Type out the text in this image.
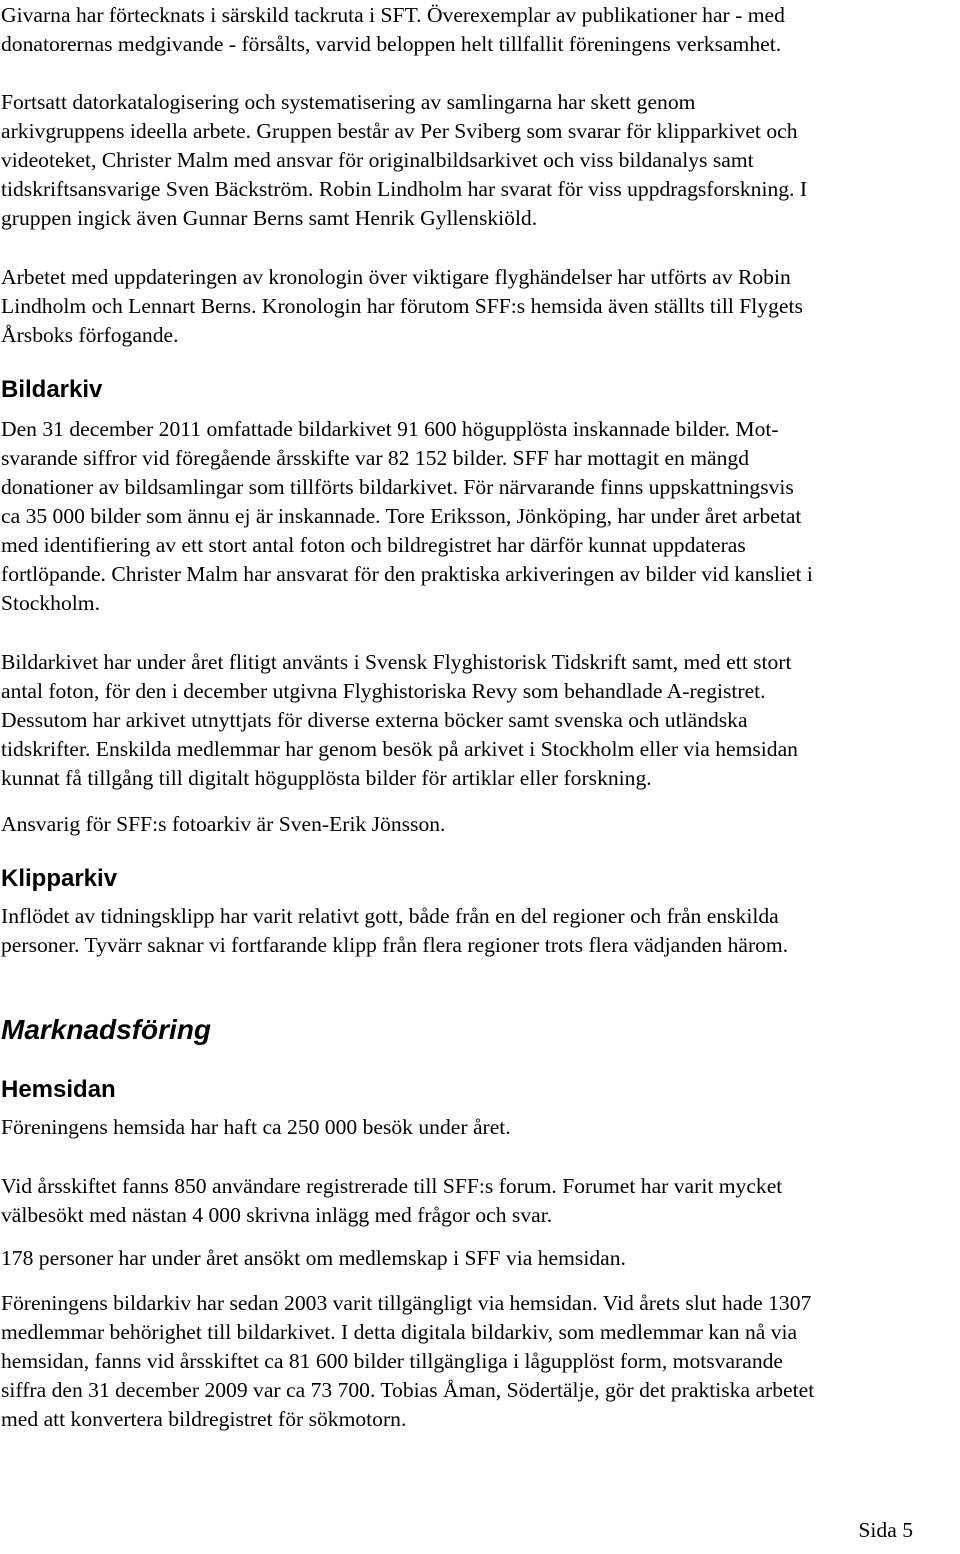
Givarna har förtecknats i särskild tackruta i SFT. Överexemplar av publikationer har - med
donatorernas medgivande - försålts, varvid beloppen helt tillfallit föreningens verksamhet.

Fortsatt datorkatalogisering och systematisering av samlingarna har skett genom
arkivgruppens ideella arbete. Gruppen består av Per Sviberg som svarar för klipparkivet och
videoteket, Christer Malm med ansvar för originalbildsarkivet och viss bildanalys samt
tidskriftsansvarige Sven Bäckström. Robin Lindholm har svarat för viss uppdragsforskning. I
gruppen ingick även Gunnar Berns samt Henrik Gyllenskiöld.

Arbetet med uppdateringen av kronologin över viktigare flyghändelser har utförts av Robin
Lindholm och Lennart Berns. Kronologin har förutom SFF:s hemsida även ställts till Flygets
Årsboks förfogande.

Bildarkiv

Den 31 december 2011 omfattade bildarkivet 91 600 högupplösta inskannade bilder. Mot-
svarande siffror vid föregående årsskifte var 82 152 bilder. SFF har mottagit en mängd
donationer av bildsamlingar som tillförts bildarkivet. För närvarande finns uppskattningsvis
ca 35 000 bilder som ännu ej är inskannade. Tore Eriksson, Jönköping, har under året arbetat
med identifiering av ett stort antal foton och bildregistret har därför kunnat uppdateras
fortlöpande. Christer Malm har ansvarat för den praktiska arkiveringen av bilder vid kansliet i
Stockholm.

Bildarkivet har under året flitigt använts i Svensk Flyghistorisk Tidskrift samt, med ett stort
antal foton, för den i december utgivna Flyghistoriska Revy som behandlade A-registret.
Dessutom har arkivet utnyttjats för diverse externa böcker samt svenska och utländska
tidskrifter. Enskilda medlemmar har genom besök på arkivet i Stockholm eller via hemsidan
kunnat få tillgång till digitalt högupplösta bilder för artiklar eller forskning.

Ansvarig för SFF:s fotoarkiv är Sven-Erik Jönsson.

Klipparkiv

Inflödet av tidningsklipp har varit relativt gott, både från en del regioner och från enskilda
personer. Tyvärr saknar vi fortfarande klipp från flera regioner trots flera vädjanden härom.

Marknadsföring
Hemsidan

Föreningens hemsida har haft ca 250 000 besök under året.

Vid årsskiftet fanns 850 användare registrerade till SFF:s forum. Forumet har varit mycket
välbesökt med nästan 4 000 skrivna inlägg med frågor och svar.

178 personer har under året ansökt om medlemskap i SFF via hemsidan.

Föreningens bildarkiv har sedan 2003 varit tillgängligt via hemsidan. Vid årets slut hade 1307
medlemmar behörighet till bildarkivet. I detta digitala bildarkiv, som medlemmar kan nå via
hemsidan, fanns vid årsskiftet ca 81 600 bilder tillgängliga i lågupplöst form, motsvarande
siffra den 31 december 2009 var ca 73 700. Tobias Åman, Södertälje, gör det praktiska arbetet
med att konvertera bildregistret för sökmotorn.

Sida 5
